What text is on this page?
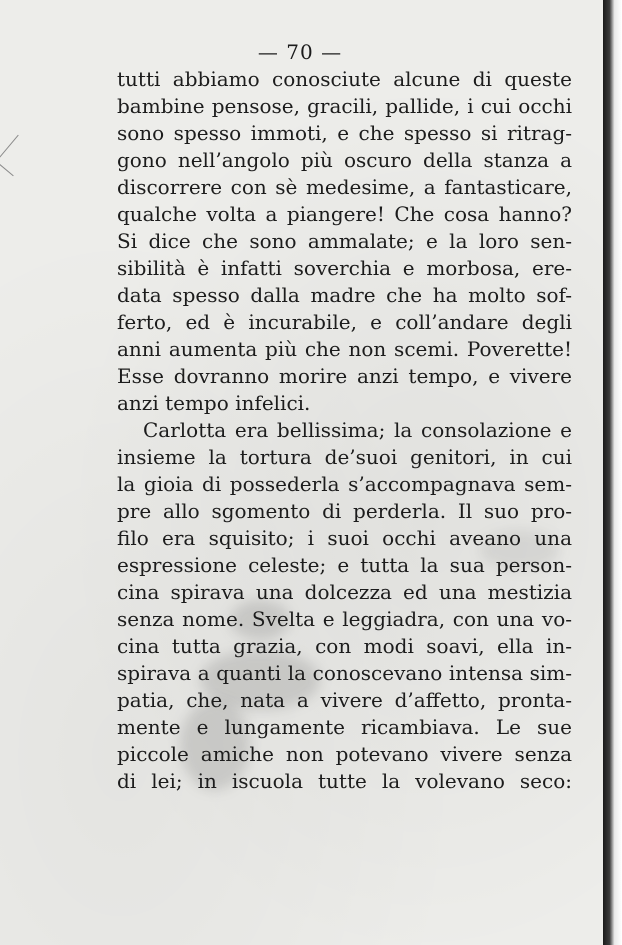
— 70 —
tutti abbiamo conosciute alcune di queste
bambine pensose, gracili, pallide, i cui occhi
sono spesso immoti, e che spesso si ritrag-
gono nell’angolo più oscuro della stanza a
discorrere con sè medesime, a fantasticare,
qualche volta a piangere! Che cosa hanno?
Si dice che sono ammalate; e la loro sen-
sibilità è infatti soverchia e morbosa, ere-
data spesso dalla madre che ha molto sof-
ferto, ed è incurabile, e coll’andare degli
anni aumenta più che non scemi. Poverette!
Esse dovranno morire anzi tempo, e vivere
anzi tempo infelici.
Carlotta era bellissima; la consolazione e
insieme la tortura de’suoi genitori, in cui
la gioia di possederla s’accompagnava sem-
pre allo sgomento di perderla. Il suo pro-
filo era squisito; i suoi occhi aveano una
espressione celeste; e tutta la sua person-
cina spirava una dolcezza ed una mestizia
senza nome. Svelta e leggiadra, con una vo-
cina tutta grazia, con modi soavi, ella in-
spirava a quanti la conoscevano intensa sim-
patia, che, nata a vivere d’affetto, pronta-
mente e lungamente ricambiava. Le sue
piccole amiche non potevano vivere senza
di lei; in iscuola tutte la volevano seco:
